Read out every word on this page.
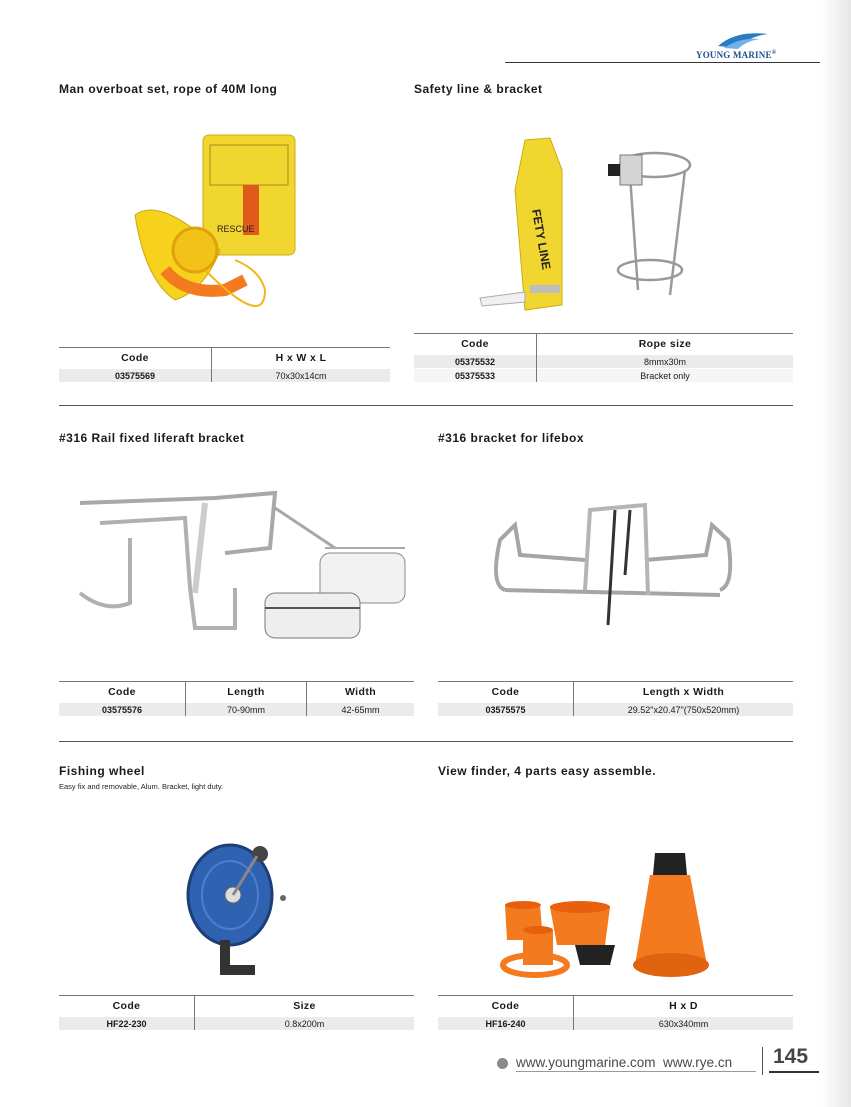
YOUNG MARINE®
Man overboat set, rope of 40M long
RESCUE
Code	H x W x L
03575569	70x30x14cm
Safety line & bracket
FETY LINE
Code	Rope size
05375532	8mmx30m
05375533	Bracket only
#316 Rail fixed liferaft bracket
Code	Length	Width
03575576	70-90mm	42-65mm
#316 bracket for lifebox
Code	Length x Width
03575575	29.52"x20.47"(750x520mm)
Fishing wheel
Easy fix and removable, Alum. Bracket, light duty.
Code	Size
HF22-230	0.8x200m
View finder, 4 parts easy assemble.
Code	H x D
HF16-240	630x340mm
www.youngmarine.com  www.rye.cn 145
